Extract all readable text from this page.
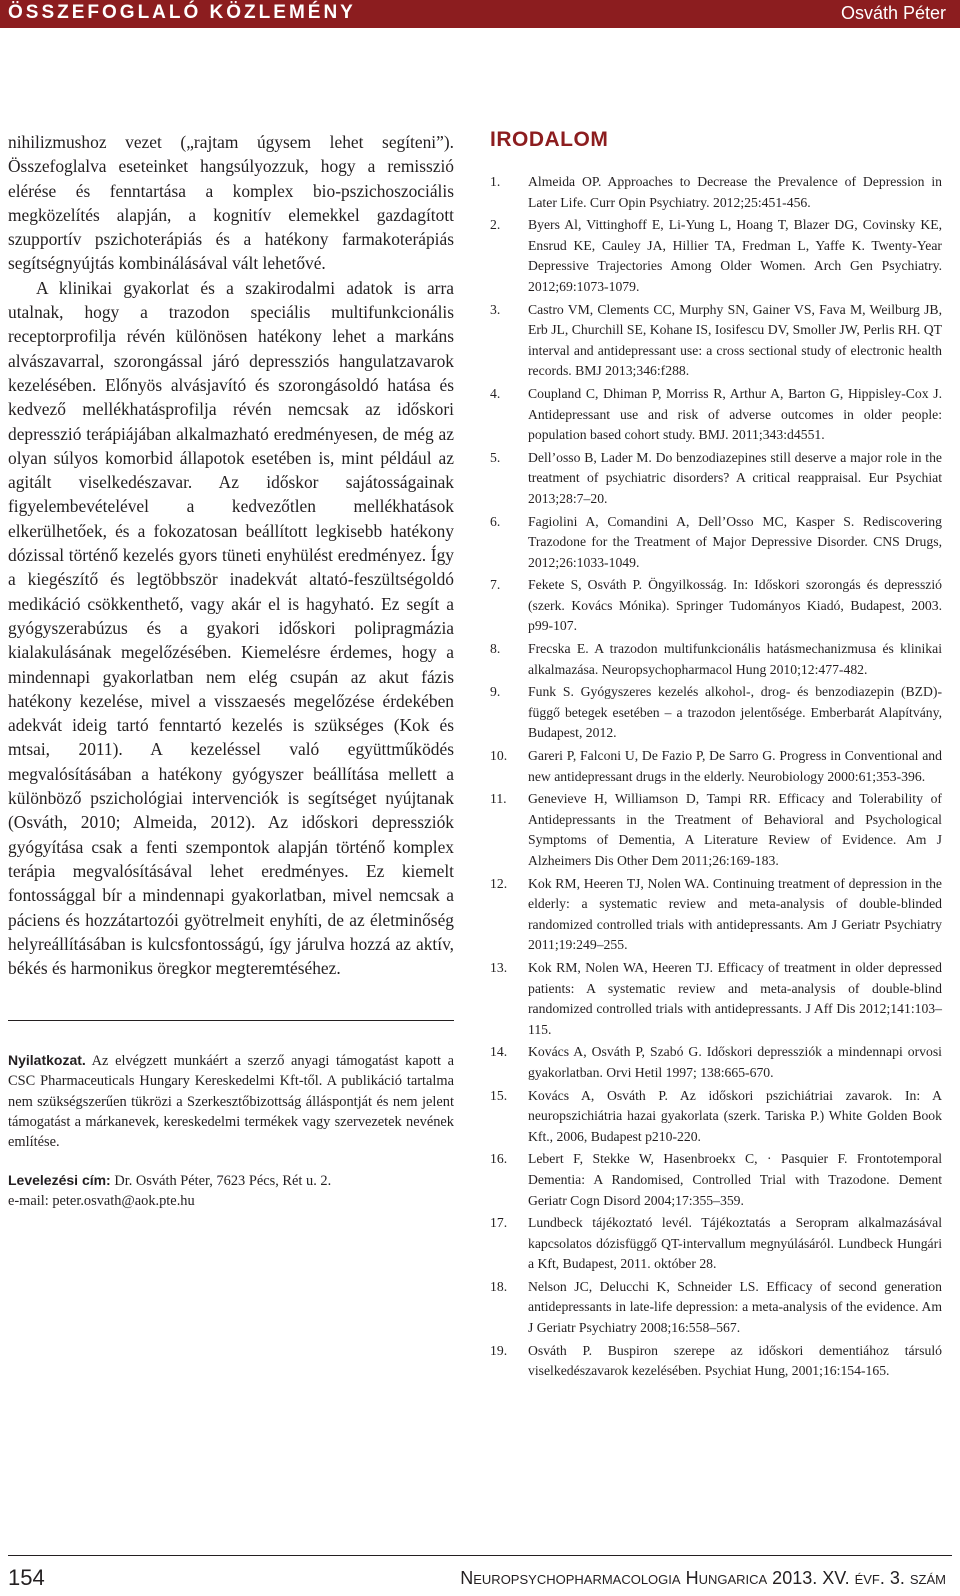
ÖSSZEFOGLALÓ KÖZLEMÉNY	Osváth Péter

nihilizmushoz vezet („rajtam úgysem lehet segíteni”). Összefoglalva eseteinket hangsúlyozzuk, hogy a remisszió elérése és fenntartása a komplex bio-pszichoszociális megközelítés alapján, a kognitív elemekkel gazdagított szupportív pszichoterápiás és a hatékony farmakoterápiás segítségnyújtás kombinálásával vált lehetővé.

A klinikai gyakorlat és a szakirodalmi adatok is arra utalnak, hogy a trazodon speciális multifunkcionális receptorprofilja révén különösen hatékony lehet a markáns alvászavarral, szorongással járó depressziós hangulatzavarok kezelésében. Előnyös alvásjavító és szorongásoldó hatása és kedvező mellékhatásprofilja révén nemcsak az időskori depresszió terápiájában alkalmazható eredményesen, de még az olyan súlyos komorbid állapotok esetében is, mint például az agitált viselkedészavar. Az időskor sajátosságainak figyelembevételével a kedvezőtlen mellékhatások elkerülhetőek, és a fokozatosan beállított legkisebb hatékony dózissal történő kezelés gyors tüneti enyhülést eredményez. Így a kiegészítő és legtöbbször inadekvát altató-feszültségoldó medikáció csökkenthető, vagy akár el is hagyható. Ez segít a gyógyszerabúzus és a gyakori időskori polipragmázia kialakulásának megelőzésében. Kiemelésre érdemes, hogy a mindennapi gyakorlatban nem elég csupán az akut fázis hatékony kezelése, mivel a visszaesés megelőzése érdekében adekvát ideig tartó fenntartó kezelés is szükséges (Kok és mtsai, 2011). A kezeléssel való együttműködés megvalósításában a hatékony gyógyszer beállítása mellett a különböző pszichológiai intervenciók is segítséget nyújtanak (Osváth, 2010; Almeida, 2012). Az időskori depressziók gyógyítása csak a fenti szempontok alapján történő komplex terápia megvalósításával lehet eredményes. Ez kiemelt fontossággal bír a mindennapi gyakorlatban, mivel nemcsak a páciens és hozzátartozói gyötrelmeit enyhíti, de az életminőség helyreállításában is kulcsfontosságú, így járulva hozzá az aktív, békés és harmonikus öregkor megteremtéséhez.

Nyilatkozat. Az elvégzett munkáért a szerző anyagi támogatást kapott a CSC Pharmaceuticals Hungary Kereskedelmi Kft-től. A publikáció tartalma nem szükségszerűen tükrözi a Szerkesztőbizottság álláspontját és nem jelent támogatást a márkanevek, kereskedelmi termékek vagy szervezetek nevének említése.
Levelezési cím: Dr. Osváth Péter, 7623 Pécs, Rét u. 2.
e-mail: peter.osvath@aok.pte.hu
IRODALOM
1. Almeida OP. Approaches to Decrease the Prevalence of Depression in Later Life. Curr Opin Psychiatry. 2012;25:451-456.
2. Byers Al, Vittinghoff E, Li-Yung L, Hoang T, Blazer DG, Covinsky KE, Ensrud KE, Cauley JA, Hillier TA, Fredman L, Yaffe K. Twenty-Year Depressive Trajectories Among Older Women. Arch Gen Psychiatry. 2012;69:1073-1079.
3. Castro VM, Clements CC, Murphy SN, Gainer VS, Fava M, Weilburg JB, Erb JL, Churchill SE, Kohane IS, Iosifescu DV, Smoller JW, Perlis RH. QT interval and antidepressant use: a cross sectional study of electronic health records. BMJ 2013;346:f288.
4. Coupland C, Dhiman P, Morriss R, Arthur A, Barton G, Hippisley-Cox J. Antidepressant use and risk of adverse outcomes in older people: population based cohort study. BMJ. 2011;343:d4551.
5. Dell’osso B, Lader M. Do benzodiazepines still deserve a major role in the treatment of psychiatric disorders? A critical reappraisal. Eur Psychiat 2013;28:7–20.
6. Fagiolini A, Comandini A, Dell’Osso MC, Kasper S. Rediscovering Trazodone for the Treatment of Major Depressive Disorder. CNS Drugs, 2012;26:1033-1049.
7. Fekete S, Osváth P. Öngyilkosság. In: Időskori szorongás és depresszió (szerk. Kovács Mónika). Springer Tudományos Kiadó, Budapest, 2003. p99-107.
8. Frecska E. A trazodon multifunkcionális hatásmechanizmusa és klinikai alkalmazása. Neuropsychopharmacol Hung 2010;12:477-482.
9. Funk S. Gyógyszeres kezelés alkohol-, drog- és benzodiazepin (BZD)-függő betegek esetében – a trazodon jelentősége. Emberbarát Alapítvány, Budapest, 2012.
10. Gareri P, Falconi U, De Fazio P, De Sarro G. Progress in Conventional and new antidepressant drugs in the elderly. Neurobiology 2000:61;353-396.
11. Genevieve H, Williamson D, Tampi RR. Efficacy and Tolerability of Antidepressants in the Treatment of Behavioral and Psychological Symptoms of Dementia, A Literature Review of Evidence. Am J Alzheimers Dis Other Dem 2011;26:169-183.
12. Kok RM, Heeren TJ, Nolen WA. Continuing treatment of depression in the elderly: a systematic review and meta-analysis of double-blinded randomized controlled trials with antidepressants. Am J Geriatr Psychiatry 2011;19:249–255.
13. Kok RM, Nolen WA, Heeren TJ. Efficacy of treatment in older depressed patients: A systematic review and meta-analysis of double-blind randomized controlled trials with antidepressants. J Aff Dis 2012;141:103–115.
14. Kovács A, Osváth P, Szabó G. Időskori depressziók a mindennapi orvosi gyakorlatban. Orvi Hetil 1997; 138:665-670.
15. Kovács A, Osváth P. Az időskori pszichiátriai zavarok. In: A neuropszichiátria hazai gyakorlata (szerk. Tariska P.) White Golden Book Kft., 2006, Budapest p210-220.
16. Lebert F, Stekke W, Hasenbroekx C, · Pasquier F. Frontotemporal Dementia: A Randomised, Controlled Trial with Trazodone. Dement Geriatr Cogn Disord 2004;17:355–359.
17. Lundbeck tájékoztató levél. Tájékoztatás a Seropram alkalmazásával kapcsolatos dózisfüggő QT-intervallum megnyúlásáról. Lundbeck Hungári a Kft, Budapest, 2011. október 28.
18. Nelson JC, Delucchi K, Schneider LS. Efficacy of second generation antidepressants in late-life depression: a meta-analysis of the evidence. Am J Geriatr Psychiatry 2008;16:558–567.
19. Osváth P. Buspiron szerepe az időskori dementiához társuló viselkedészavarok kezelésében. Psychiat Hung, 2001;16:154-165.
154	Neuropsychopharmacologia Hungarica 2013. XV. évf. 3. szám
